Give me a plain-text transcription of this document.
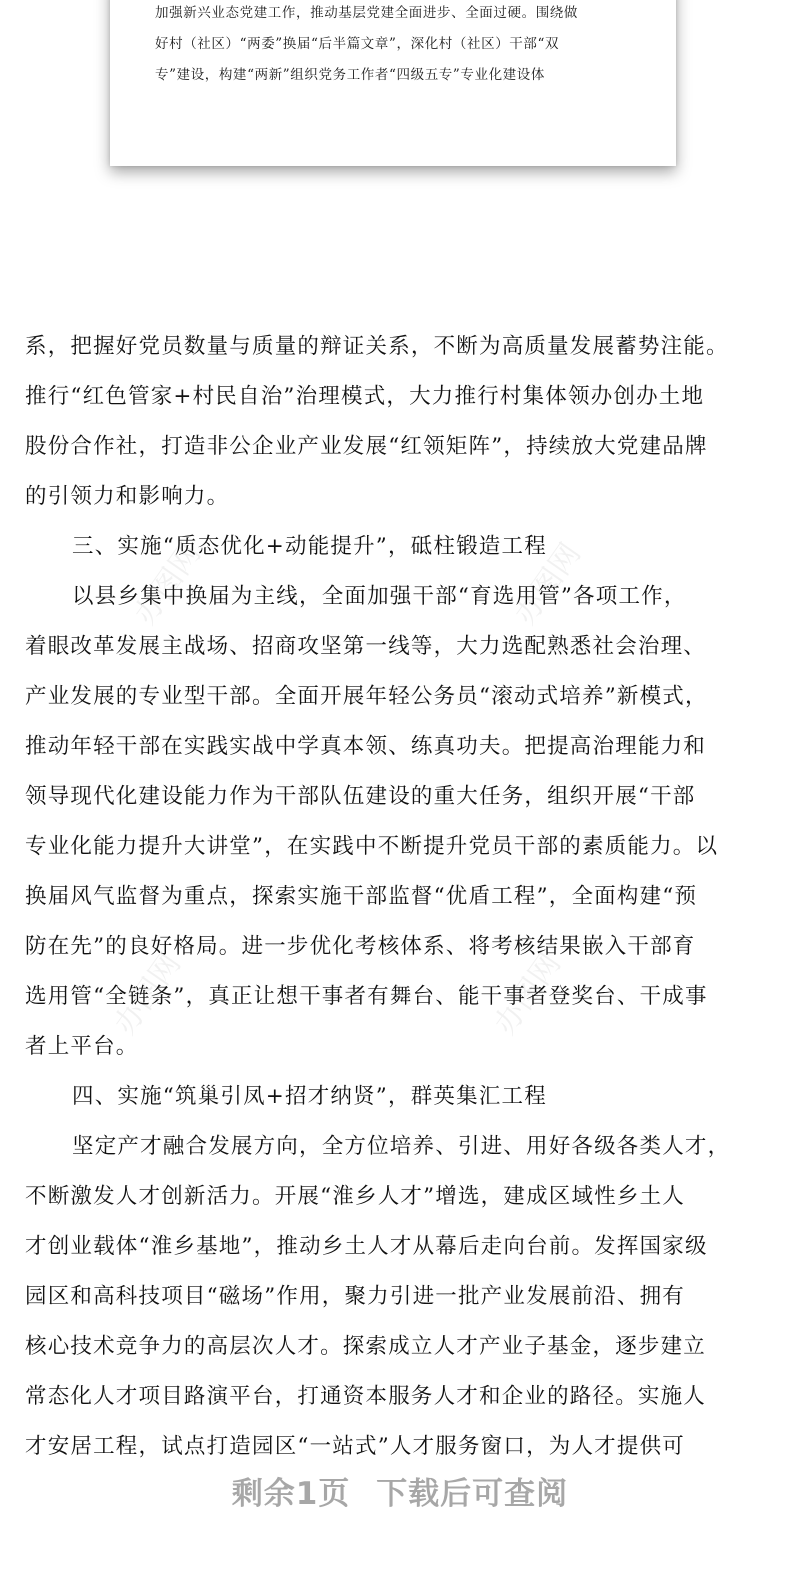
加强新兴业态党建工作，推动基层党建全面进步、全面过硬。围绕做

好村（社区）“两委”换届“后半篇文章”，深化村（社区）干部“双

专”建设，构建“两新”组织党务工作者“四级五专”专业化建设体

办图网	办图网
办图网	办图网

系，把握好党员数量与质量的辩证关系，不断为高质量发展蓄势注能。

推行“红色管家+村民自治”治理模式，大力推行村集体领办创办土地

股份合作社，打造非公企业产业发展“红领矩阵”，持续放大党建品牌

的引领力和影响力。

三、实施“质态优化+动能提升”，砥柱锻造工程

以县乡集中换届为主线，全面加强干部“育选用管”各项工作，

着眼改革发展主战场、招商攻坚第一线等，大力选配熟悉社会治理、

产业发展的专业型干部。全面开展年轻公务员“滚动式培养”新模式，

推动年轻干部在实践实战中学真本领、练真功夫。把提高治理能力和

领导现代化建设能力作为干部队伍建设的重大任务，组织开展“干部

专业化能力提升大讲堂”，在实践中不断提升党员干部的素质能力。以

换届风气监督为重点，探索实施干部监督“优盾工程”，全面构建“预

防在先”的良好格局。进一步优化考核体系、将考核结果嵌入干部育

选用管“全链条”，真正让想干事者有舞台、能干事者登奖台、干成事

者上平台。

四、实施“筑巢引凤+招才纳贤”，群英集汇工程

坚定产才融合发展方向，全方位培养、引进、用好各级各类人才，

不断激发人才创新活力。开展“淮乡人才”增选，建成区域性乡土人

才创业载体“淮乡基地”，推动乡土人才从幕后走向台前。发挥国家级

园区和高科技项目“磁场”作用，聚力引进一批产业发展前沿、拥有

核心技术竞争力的高层次人才。探索成立人才产业子基金，逐步建立

常态化人才项目路演平台，打通资本服务人才和企业的路径。实施人

才安居工程，试点打造园区“一站式”人才服务窗口，为人才提供可

剩余1页 下载后可查阅
